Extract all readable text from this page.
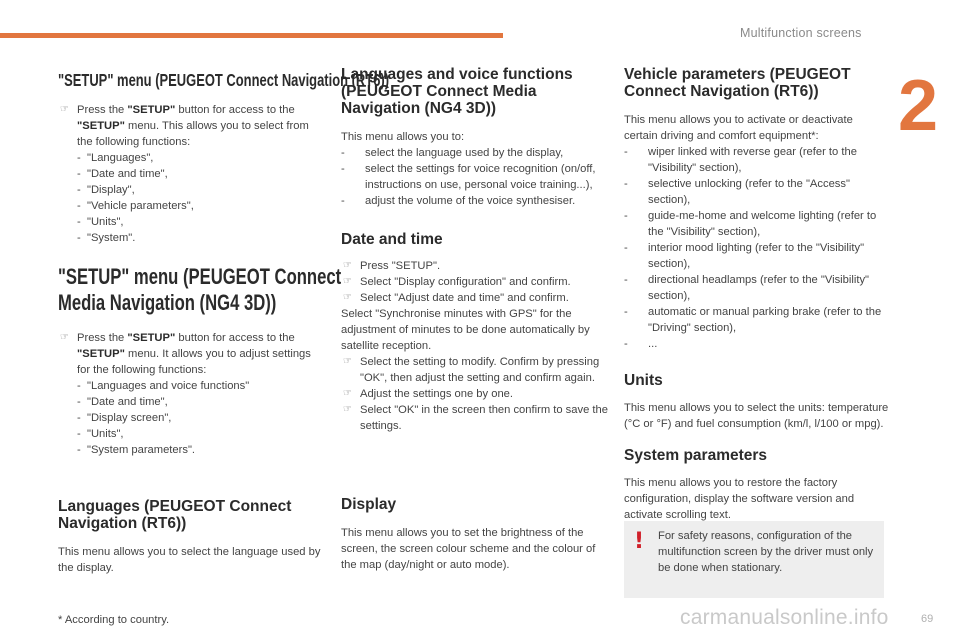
Multifunction screens
2
"SETUP" menu (PEUGEOT Connect Navigation (RT6))

☞ Press the "SETUP" button for access to the "SETUP" menu. This allows you to select from the following functions:

- "Languages",

- "Date and time",

- "Display",

- "Vehicle parameters",

- "Units",

- "System".

"SETUP" menu (PEUGEOT Connect
Media Navigation (NG4 3D))

☞ Press the "SETUP" button for access to the "SETUP" menu. It allows you to adjust settings for the following functions:

- "Languages and voice functions"

- "Date and time",

- "Display screen",

- "Units",

- "System parameters".

Languages (PEUGEOT Connect
Navigation (RT6))

This menu allows you to select the language used by the display.

* According to country.

Languages and voice functions
(PEUGEOT Connect Media
Navigation (NG4 3D))

This menu allows you to:

- select the language used by the display,

- select the settings for voice recognition (on/off, instructions on use, personal voice training...),

- adjust the volume of the voice synthesiser.

Date and time

☞ Press "SETUP".

☞ Select "Display configuration" and confirm.

☞ Select "Adjust date and time" and confirm.

Select "Synchronise minutes with GPS" for the adjustment of minutes to be done automatically by satellite reception.

☞ Select the setting to modify. Confirm by pressing "OK", then adjust the setting and confirm again.

☞ Adjust the settings one by one.

☞ Select "OK" in the screen then confirm to save the settings.

Display

This menu allows you to set the brightness of the screen, the screen colour scheme and the colour of the map (day/night or auto mode).

Vehicle parameters (PEUGEOT
Connect Navigation (RT6))

This menu allows you to activate or deactivate certain driving and comfort equipment*:

- wiper linked with reverse gear (refer to the "Visibility" section),

- selective unlocking (refer to the "Access" section),

- guide-me-home and welcome lighting (refer to the "Visibility" section),

- interior mood lighting (refer to the "Visibility" section),

- directional headlamps (refer to the "Visibility" section),

- automatic or manual parking brake (refer to the "Driving" section),

- ...

Units

This menu allows you to select the units: temperature (°C or °F) and fuel consumption (km/l, l/100 or mpg).

System parameters

This menu allows you to restore the factory configuration, display the software version and activate scrolling text.

! For safety reasons, configuration of the multifunction screen by the driver must only be done when stationary.
carmanualsonline.info	69
